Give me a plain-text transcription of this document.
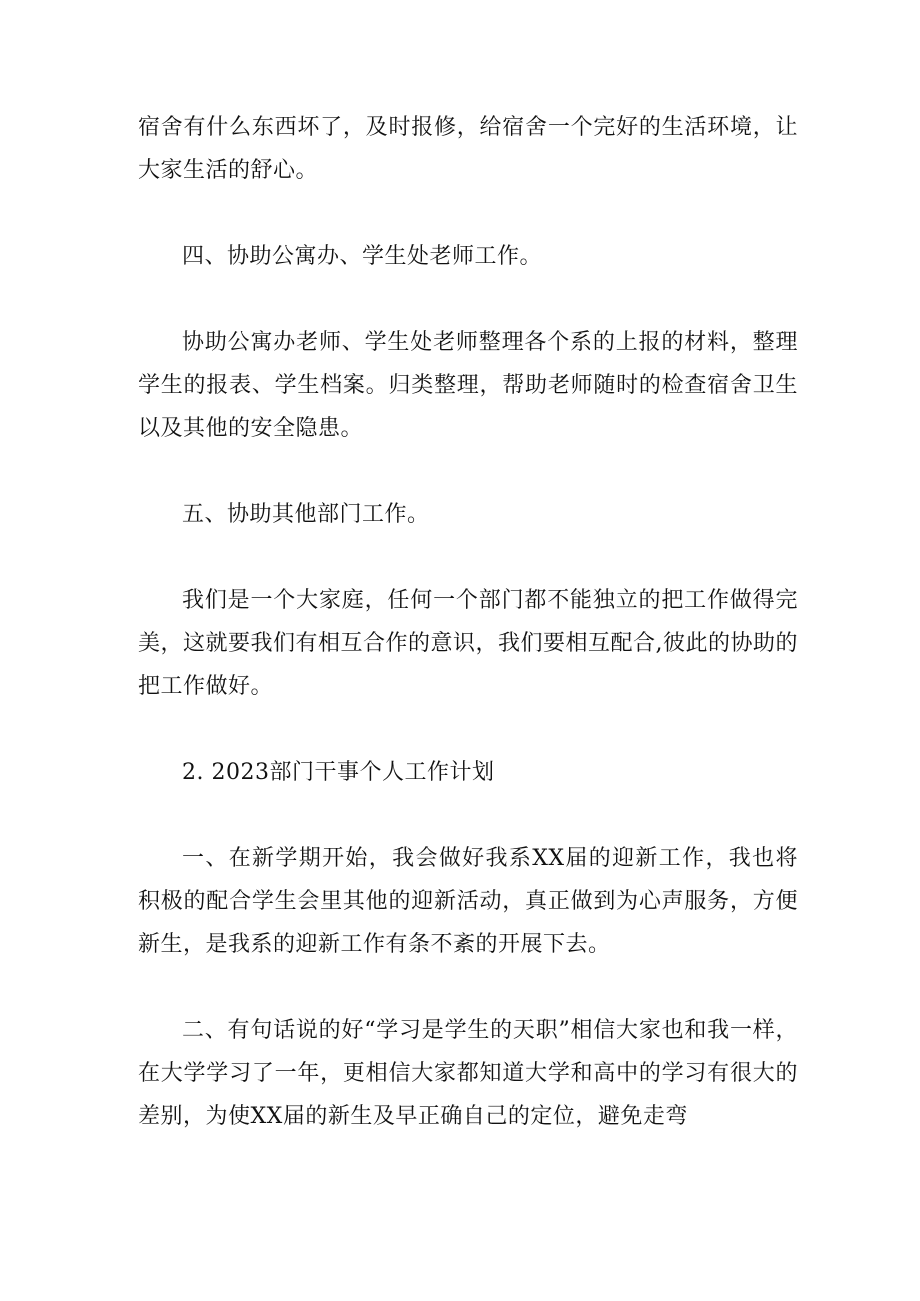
宿舍有什么东西坏了，及时报修，给宿舍一个完好的生活环境，让大家生活的舒心。

四、协助公寓办、学生处老师工作。

协助公寓办老师、学生处老师整理各个系的上报的材料，整理学生的报表、学生档案。归类整理，帮助老师随时的检查宿舍卫生以及其他的安全隐患。

五、协助其他部门工作。

我们是一个大家庭，任何一个部门都不能独立的把工作做得完美，这就要我们有相互合作的意识，我们要相互配合,彼此的协助的把工作做好。

2. 2023部门干事个人工作计划

一、在新学期开始，我会做好我系XX届的迎新工作，我也将积极的配合学生会里其他的迎新活动，真正做到为心声服务，方便新生，是我系的迎新工作有条不紊的开展下去。

二、有句话说的好“学习是学生的天职”相信大家也和我一样，在大学学习了一年，更相信大家都知道大学和高中的学习有很大的差别，为使XX届的新生及早正确自己的定位，避免走弯
